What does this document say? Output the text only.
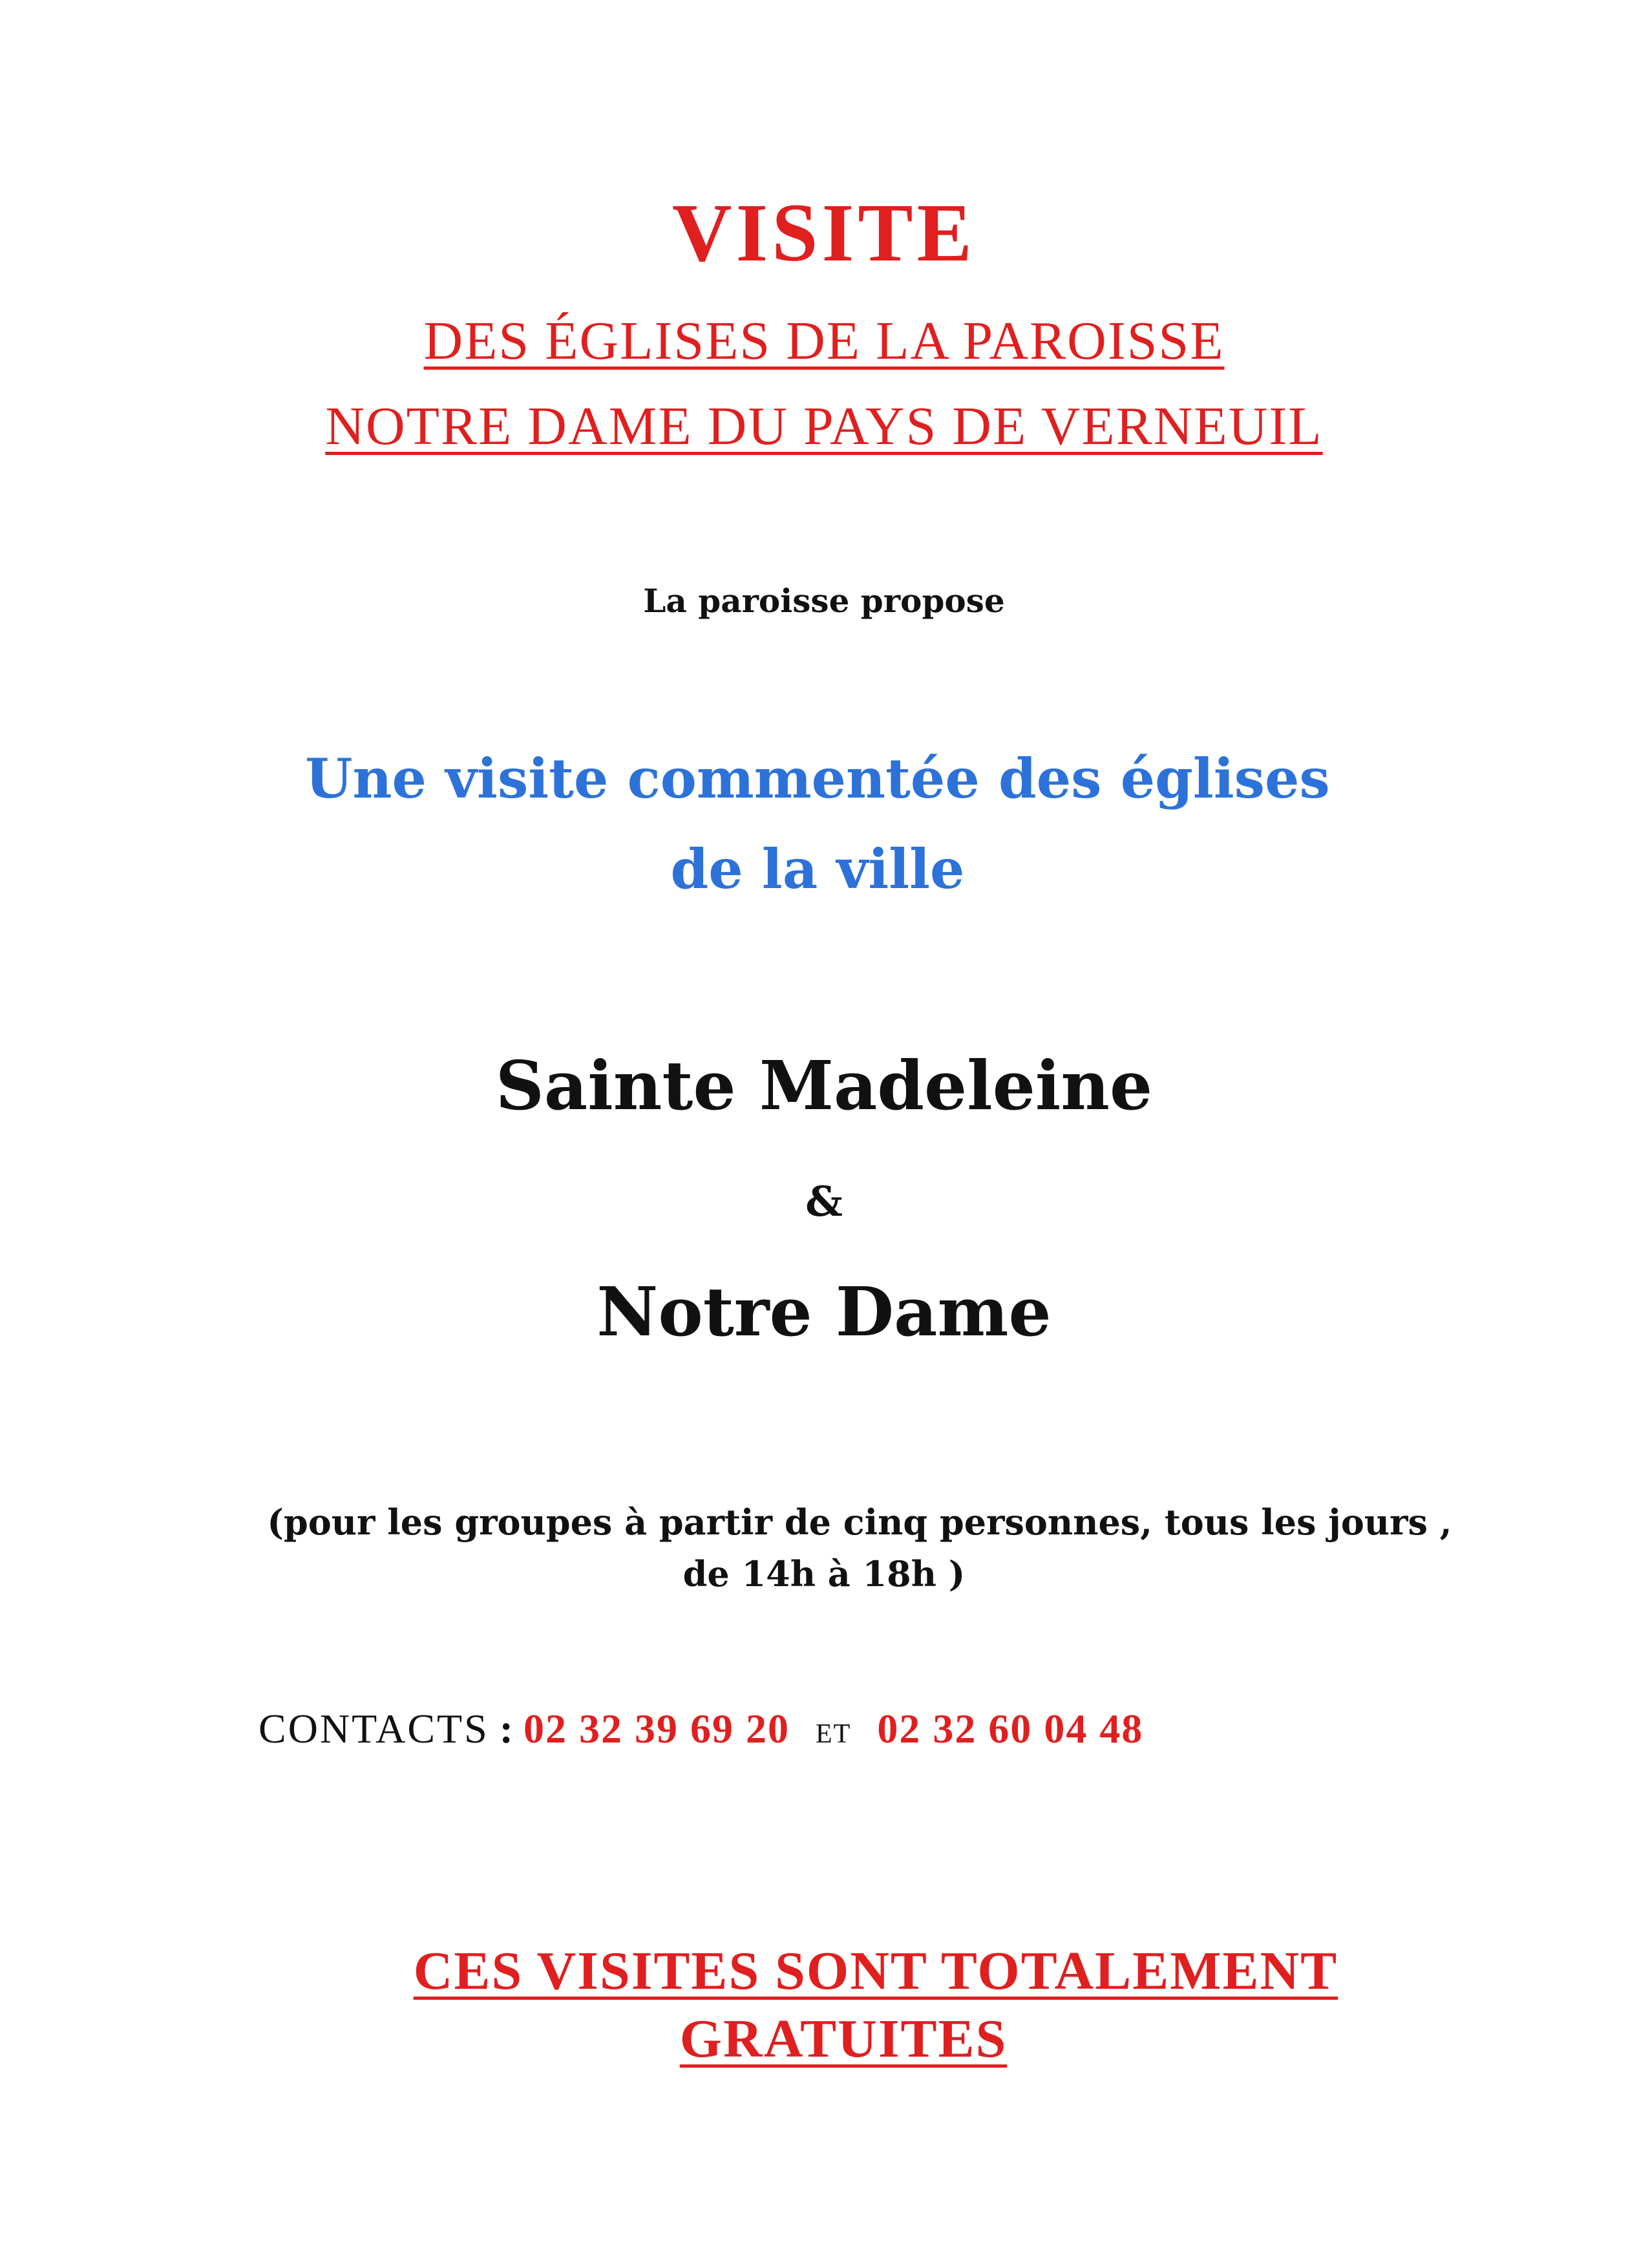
VISITE

DES ÉGLISES DE LA PAROISSE

NOTRE DAME DU PAYS DE VERNEUIL

La paroisse propose

Une visite commentée des églises

de la ville

Sainte Madeleine

&

Notre Dame

(pour les groupes à partir de cinq personnes, tous les jours ,

de 14h à 18h )

CONTACTS : 02 32 39 69 20 ET 02 32 60 04 48

CES VISITES SONT TOTALEMENT

GRATUITES
